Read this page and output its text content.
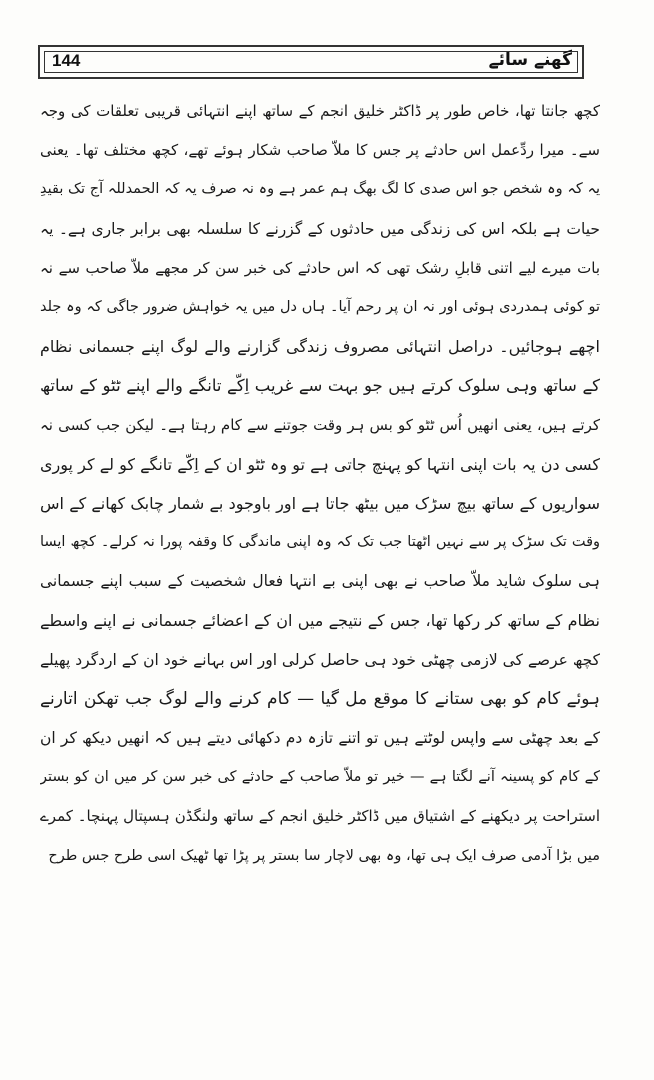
144	گھنے سائے
کچھ جانتا تھا، خاص طور پر ڈاکٹر خلیق انجم کے ساتھ اپنے انتہائی قریبی تعلقات کی وجہ
سے۔ میرا ردِّعمل اس حادثے پر جس کا ملاّ صاحب شکار ہوئے تھے، کچھ مختلف تھا۔ یعنی
یہ کہ وہ شخص جو اس صدی کا لگ بھگ ہم عمر ہے وہ نہ صرف یہ کہ الحمدللہ آج تک بقیدِ
حیات ہے بلکہ اس کی زندگی میں حادثوں کے گزرنے کا سلسلہ بھی برابر جاری ہے۔ یہ
بات میرے لیے اتنی قابلِ رشک تھی کہ اس حادثے کی خبر سن کر مجھے ملاّ صاحب سے نہ
تو کوئی ہمدردی ہوئی اور نہ ان پر رحم آیا۔ ہاں دل میں یہ خواہش ضرور جاگی کہ وہ جلد
اچھے ہوجائیں۔ دراصل انتہائی مصروف زندگی گزارنے والے لوگ اپنے جسمانی نظام
کے ساتھ وہی سلوک کرتے ہیں جو بہت سے غریب اِکّے تانگے والے اپنے ٹٹو کے ساتھ
کرتے ہیں، یعنی انھیں اُس ٹٹو کو بس ہر وقت جوتنے سے کام رہتا ہے۔ لیکن جب کسی نہ
کسی دن یہ بات اپنی انتہا کو پہنچ جاتی ہے تو وہ ٹٹو ان کے اِکّے تانگے کو لے کر پوری
سواریوں کے ساتھ بیچ سڑک میں بیٹھ جاتا ہے اور باوجود بے شمار چابک کھانے کے اس
وقت تک سڑک پر سے نہیں اٹھتا جب تک کہ وہ اپنی ماندگی کا وقفہ پورا نہ کرلے۔ کچھ ایسا
ہی سلوک شاید ملاّ صاحب نے بھی اپنی بے انتہا فعال شخصیت کے سبب اپنے جسمانی
نظام کے ساتھ کر رکھا تھا، جس کے نتیجے میں ان کے اعضائے جسمانی نے اپنے واسطے
کچھ عرصے کی لازمی چھٹی خود ہی حاصل کرلی اور اس بہانے خود ان کے اردگرد پھیلے
ہوئے کام کو بھی ستانے کا موقع مل گیا — کام کرنے والے لوگ جب تھکن اتارنے
کے بعد چھٹی سے واپس لوٹتے ہیں تو اتنے تازہ دم دکھائی دیتے ہیں کہ انھیں دیکھ کر ان
کے کام کو پسینہ آنے لگتا ہے — خیر تو ملاّ صاحب کے حادثے کی خبر سن کر میں ان کو بستر
استراحت پر دیکھنے کے اشتیاق میں ڈاکٹر خلیق انجم کے ساتھ ولنگڈن ہسپتال پہنچا۔ کمرے
میں بڑا آدمی صرف ایک ہی تھا، وہ بھی لاچار سا بستر پر پڑا تھا ٹھیک اسی طرح جس طرح
